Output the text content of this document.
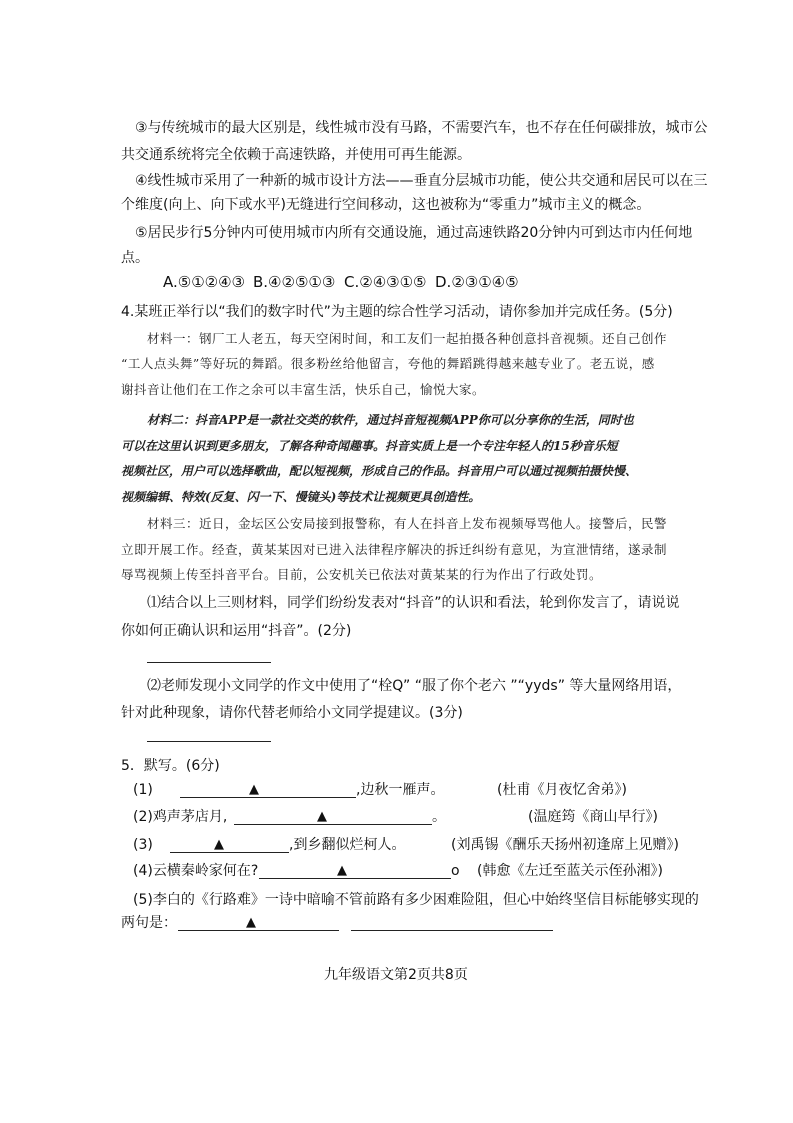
③与传统城市的最大区别是，线性城市没有马路，不需要汽车，也不存在任何碳排放，城市公
共交通系统将完全依赖于高速铁路，并使用可再生能源。
④线性城市采用了一种新的城市设计方法——垂直分层城市功能，使公共交通和居民可以在三
个维度(向上、向下或水平)无缝进行空间移动，这也被称为“零重力”城市主义的概念。
⑤居民步行5分钟内可使用城市内所有交通设施，通过高速铁路20分钟内可到达市内任何地
点。
A.⑤①②④③ B.④②⑤①③ C.②④③①⑤ D.②③①④⑤
4.某班正举行以“我们的数字时代”为主题的综合性学习活动，请你参加并完成任务。(5分)
材料一：钢厂工人老五，每天空闲时间，和工友们一起拍摄各种创意抖音视频。还自己创作
“工人点头舞”等好玩的舞蹈。很多粉丝给他留言，夸他的舞蹈跳得越来越专业了。老五说，感
谢抖音让他们在工作之余可以丰富生活，快乐自己，愉悦大家。
材料二：抖音APP是一款社交类的软件，通过抖音短视频APP你可以分享你的生活，同时也
可以在这里认识到更多朋友，了解各种奇闻趣事。抖音实质上是一个专注年轻人的15秒音乐短
视频社区，用户可以选择歌曲，配以短视频，形成自己的作品。抖音用户可以通过视频拍摄快慢、
视频编辑、特效(反复、闪一下、慢镜头)等技术让视频更具创造性。
材料三：近日，金坛区公安局接到报警称，有人在抖音上发布视频辱骂他人。接警后，民警
立即开展工作。经查，黄某某因对已进入法律程序解决的拆迁纠纷有意见，为宣泄情绪，遂录制
辱骂视频上传至抖音平台。目前，公安机关已依法对黄某某的行为作出了行政处罚。
⑴结合以上三则材料，同学们纷纷发表对“抖音”的认识和看法，轮到你发言了，请说说
你如何正确认识和运用“抖音”。(2分)
⑵老师发现小文同学的作文中使用了“栓Q” “服了你个老六 ”“yyds” 等大量网络用语，
针对此种现象，请你代替老师给小文同学提建议。(3分)
5．默写。(6分)
(1)	▲	,边秋一雁声。	(杜甫《月夜忆舍弟》)
(2)鸡声茅店月,	▲	。	(温庭筠《商山早行》)
(3)	▲	,到乡翻似烂柯人。	(刘禹锡《酬乐天扬州初逢席上见赠》)
(4)云横秦岭家何在?	▲	o (韩愈《左迁至蓝关示侄孙湘》)
(5)李白的《行路难》一诗中暗喻不管前路有多少困难险阻，但心中始终坚信目标能够实现的
两句是：	▲
九年级语文第2页共8页
